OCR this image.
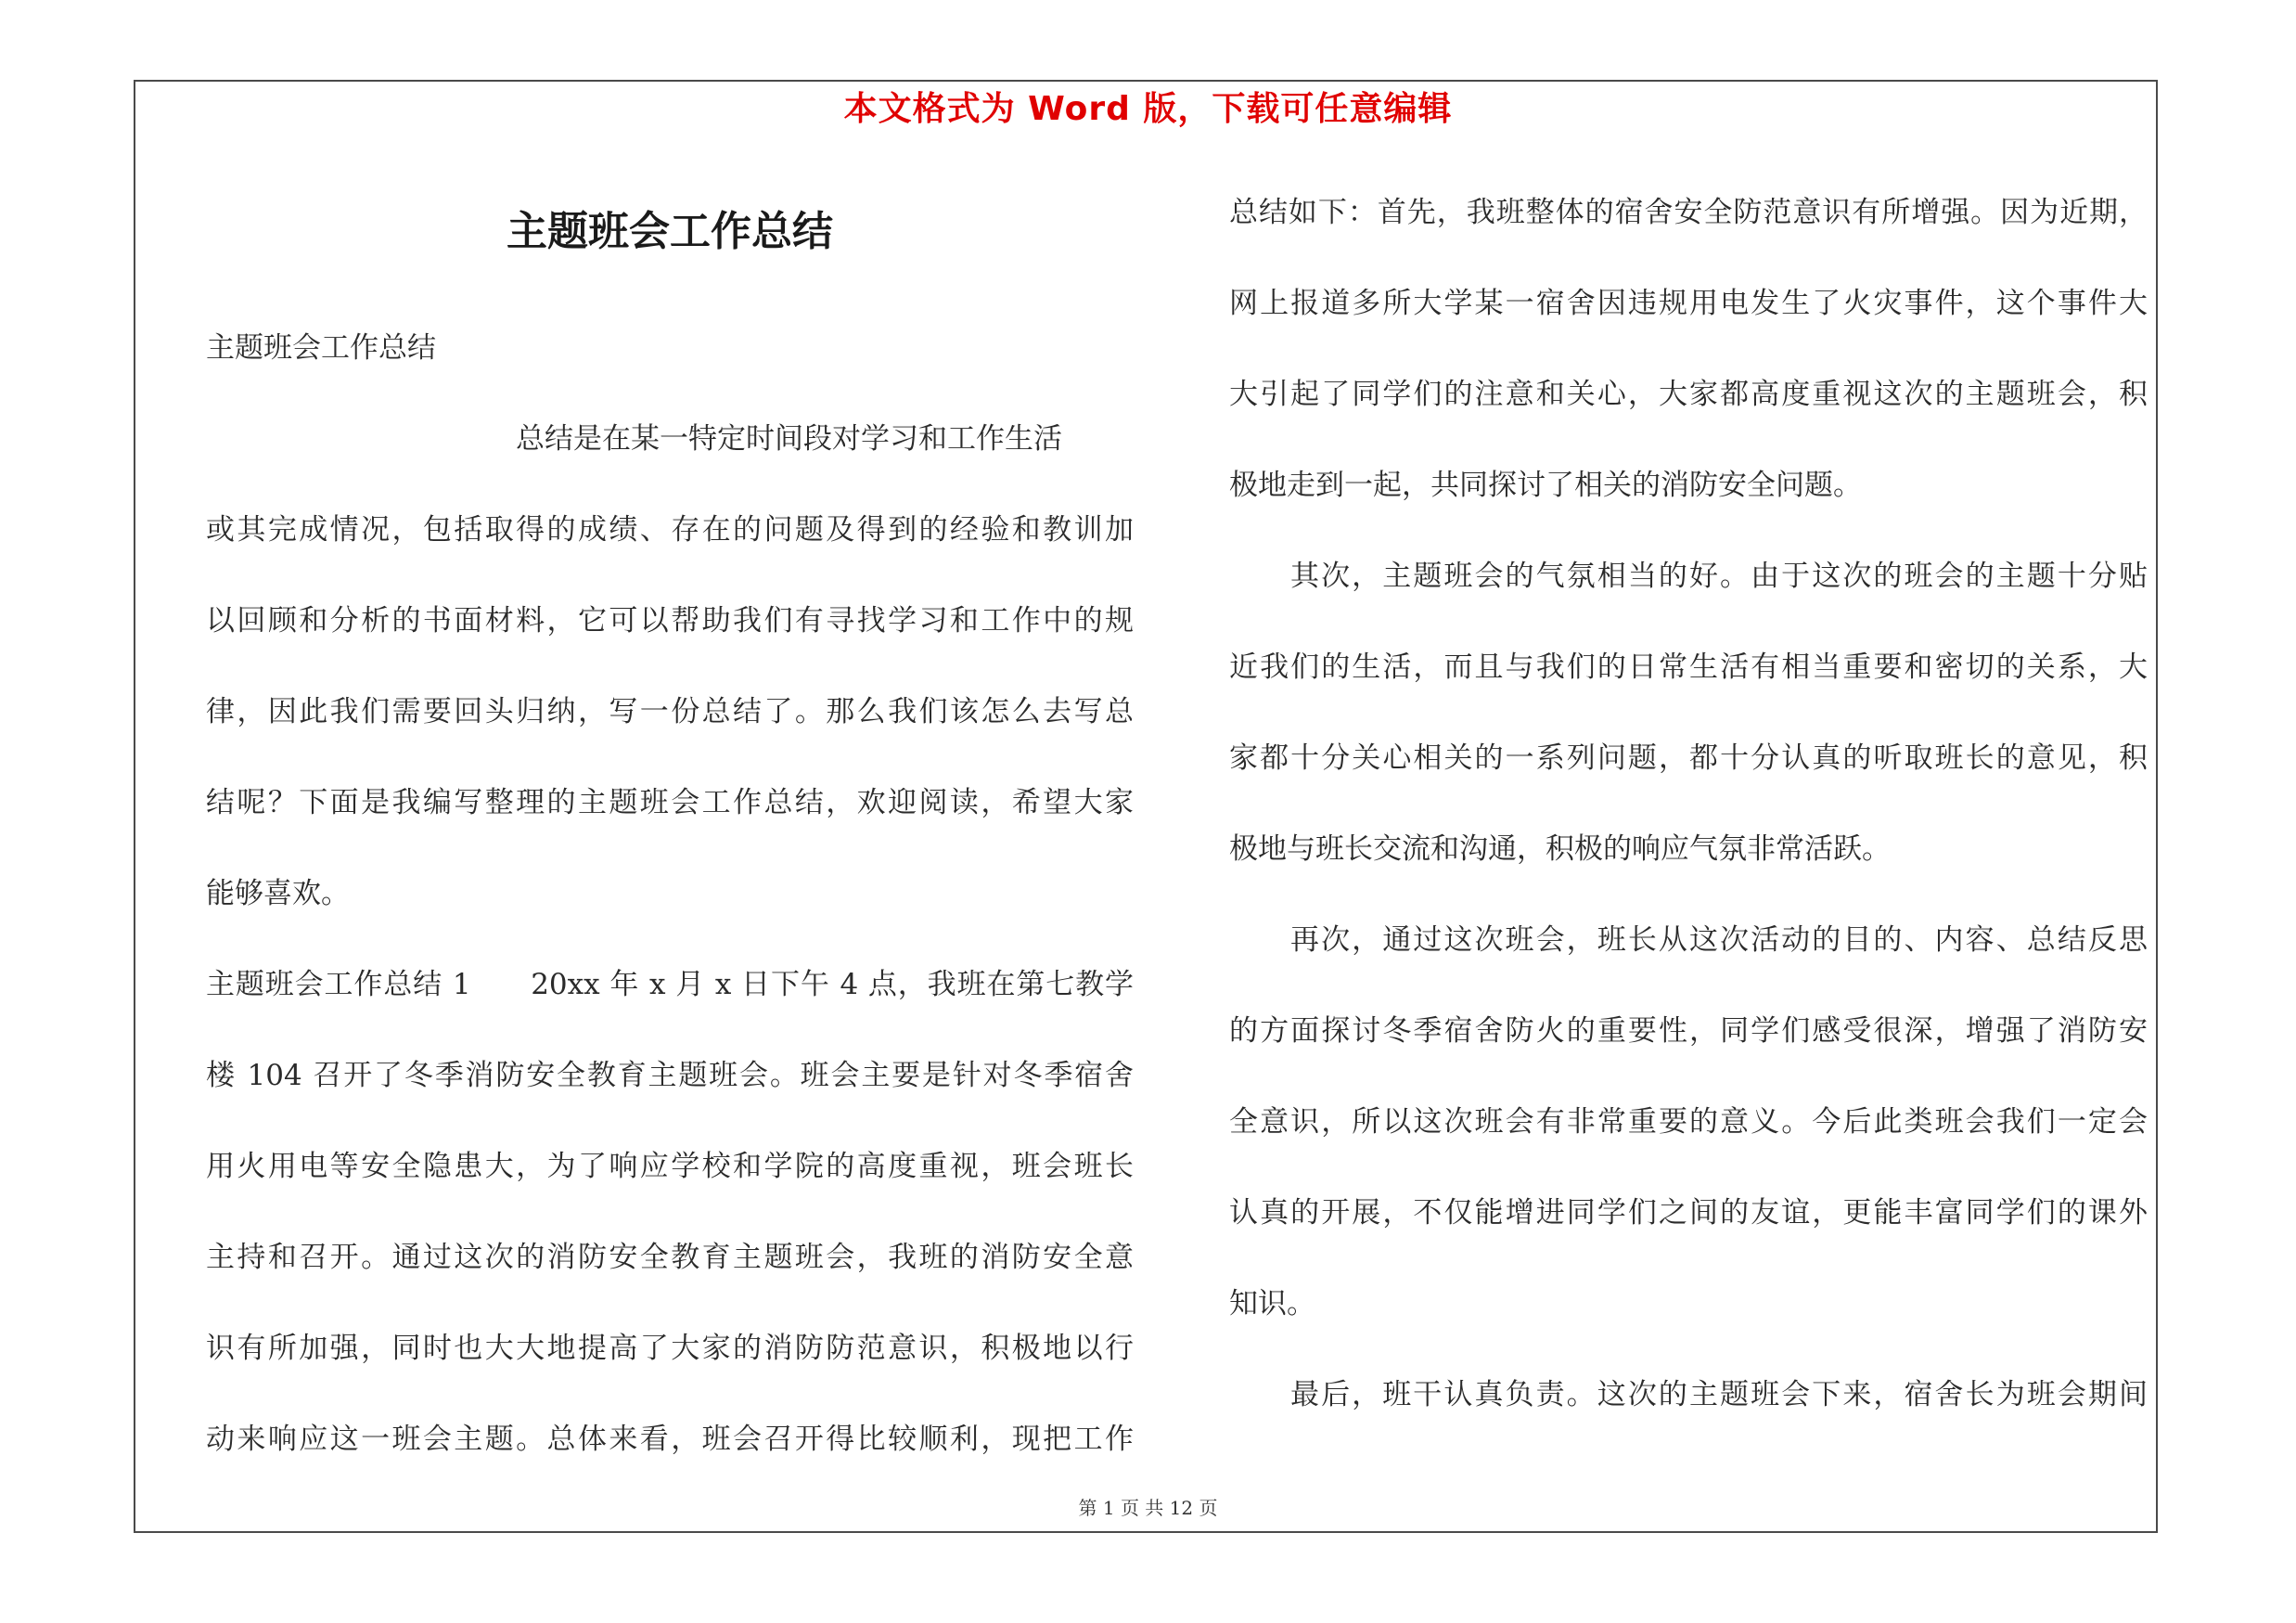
本文格式为 Word 版，下载可任意编辑
主题班会工作总结
主题班会工作总结
总结是在某一特定时间段对学习和工作生活
或其完成情况，包括取得的成绩、存在的问题及得到的经验和教训加
以回顾和分析的书面材料，它可以帮助我们有寻找学习和工作中的规
律，因此我们需要回头归纳，写一份总结了。那么我们该怎么去写总
结呢？下面是我编写整理的主题班会工作总结，欢迎阅读，希望大家
能够喜欢。
主题班会工作总结 1　　20xx 年 x 月 x 日下午 4 点，我班在第七教学
楼 104 召开了冬季消防安全教育主题班会。班会主要是针对冬季宿舍
用火用电等安全隐患大，为了响应学校和学院的高度重视，班会班长
主持和召开。通过这次的消防安全教育主题班会，我班的消防安全意
识有所加强，同时也大大地提高了大家的消防防范意识，积极地以行
动来响应这一班会主题。总体来看，班会召开得比较顺利，现把工作
总结如下：首先，我班整体的宿舍安全防范意识有所增强。因为近期，
网上报道多所大学某一宿舍因违规用电发生了火灾事件，这个事件大
大引起了同学们的注意和关心，大家都高度重视这次的主题班会，积
极地走到一起，共同探讨了相关的消防安全问题。
其次，主题班会的气氛相当的好。由于这次的班会的主题十分贴
近我们的生活，而且与我们的日常生活有相当重要和密切的关系，大
家都十分关心相关的一系列问题，都十分认真的听取班长的意见，积
极地与班长交流和沟通，积极的响应气氛非常活跃。
再次，通过这次班会，班长从这次活动的目的、内容、总结反思
的方面探讨冬季宿舍防火的重要性，同学们感受很深，增强了消防安
全意识，所以这次班会有非常重要的意义。今后此类班会我们一定会
认真的开展，不仅能增进同学们之间的友谊，更能丰富同学们的课外
知识。
最后，班干认真负责。这次的主题班会下来，宿舍长为班会期间
第 1 页 共 12 页
